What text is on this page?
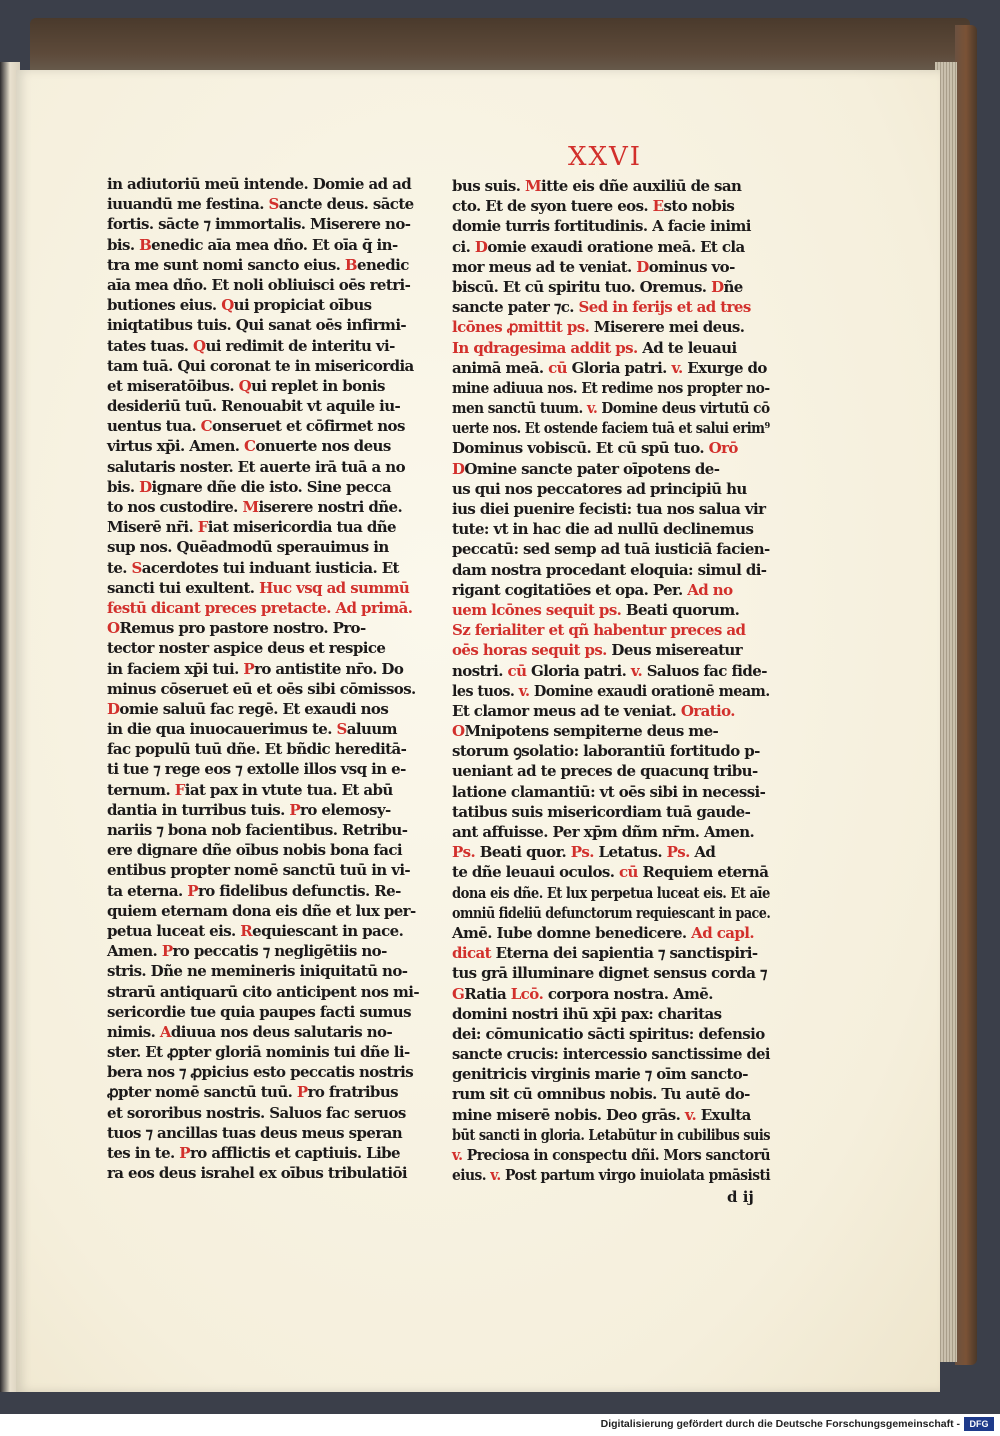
XXVI
in adiutoriū meū intende. Domie ad ad
iuuandū me festina. Sancte deus. sācte
fortis. sācte ⁊ immortalis. Miserere no-
bis. Benedic aīa mea dño. Et oīa q̄ in-
tra me sunt nomi sancto eius. Benedic
aīa mea dño. Et noli obliuisci oēs retri-
butiones eius. Qui propiciat oībus
iniqtatibus tuis. Qui sanat oēs infirmi-
tates tuas. Qui redimit de interitu vi-
tam tuā. Qui coronat te in misericordia
et miseratōibus. Qui replet in bonis
desideriū tuū. Renouabit vt aquile iu-
uentus tua. Conseruet et cōfirmet nos
virtus xp̄i. Amen. Conuerte nos deus
salutaris noster. Et auerte irā tuā a no
bis. Dignare dñe die isto. Sine pecca
to nos custodire. Miserere nostri dñe.
Miserē nr̄i. Fiat misericordia tua dñe
sup nos. Quēadmodū sperauimus in
te. Sacerdotes tui induant iusticia. Et
sancti tui exultent. Huc vsq ad summū
festū dicant preces pretacte. Ad primā.
ORemus pro pastore nostro. Pro-
tector noster aspice deus et respice
in faciem xp̄i tui. Pro antistite nr̄o. Do
minus cōseruet eū et oēs sibi cōmissos.
Domie saluū fac regē. Et exaudi nos
in die qua inuocauerimus te. Saluum
fac populū tuū dñe. Et bñdic hereditā-
ti tue ⁊ rege eos ⁊ extolle illos vsq in e-
ternum. Fiat pax in vtute tua. Et abū
dantia in turribus tuis. Pro elemosy-
nariis ⁊ bona nob facientibus. Retribu-
ere dignare dñe oībus nobis bona faci
entibus propter nomē sanctū tuū in vi-
ta eterna. Pro fidelibus defunctis. Re-
quiem eternam dona eis dñe et lux per-
petua luceat eis. Requiescant in pace.
Amen. Pro peccatis ⁊ negligētiis no-
stris. Dñe ne memineris iniquitatū no-
strarū antiquarū cito anticipent nos mi-
sericordie tue quia paupes facti sumus
nimis. Adiuua nos deus salutaris no-
ster. Et ꝓpter gloriā nominis tui dñe li-
bera nos ⁊ ꝓpicius esto peccatis nostris
ꝓpter nomē sanctū tuū. Pro fratribus
et sororibus nostris. Saluos fac seruos
tuos ⁊ ancillas tuas deus meus speran
tes in te. Pro afflictis et captiuis. Libe
ra eos deus israhel ex oībus tribulatiōi
bus suis. Mitte eis dñe auxiliū de san
cto. Et de syon tuere eos. Esto nobis
domie turris fortitudinis. A facie inimi
ci. Domie exaudi oratione meā. Et cla
mor meus ad te veniat. Dominus vo-
biscū. Et cū spiritu tuo. Oremus. Dñe
sancte pater ⁊c. Sed in ferijs et ad tres
lcōnes ꝓmittit ps. Miserere mei deus.
In qdragesima addit ps. Ad te leuaui
animā meā. cū Gloria patri. v. Exurge do
mine adiuua nos. Et redime nos propter no-
men sanctū tuum. v. Domine deus virtutū cō
uerte nos. Et ostende faciem tuā et salui erim⁹
Dominus vobiscū. Et cū spū tuo. Orō
DOmine sancte pater oīpotens de-
us qui nos peccatores ad principiū hu
ius diei puenire fecisti: tua nos salua vir
tute: vt in hac die ad nullū declinemus
peccatū: sed semp ad tuā iusticiā facien-
dam nostra procedant eloquia: simul di-
rigant cogitatiōes et opa. Per. Ad no
uem lcōnes sequit ps. Beati quorum.
Sz ferialiter et qñ habentur preces ad
oēs horas sequit ps. Deus misereatur
nostri. cū Gloria patri. v. Saluos fac fide-
les tuos. v. Domine exaudi orationē meam.
Et clamor meus ad te veniat. Oratio.
OMnipotens sempiterne deus me-
storum ꝯsolatio: laborantiū fortitudo p-
ueniant ad te preces de quacunq tribu-
latione clamantiū: vt oēs sibi in necessi-
tatibus suis misericordiam tuā gaude-
ant affuisse. Per xp̄m dñm nr̄m. Amen.
Ps. Beati quor. Ps. Letatus. Ps. Ad
te dñe leuaui oculos. cū Requiem eternā
dona eis dñe. Et lux perpetua luceat eis. Et aīe
omniū fideliū defunctorum requiescant in pace.
Amē. Iube domne benedicere. Ad capl.
dicat Eterna dei sapientia ⁊ sanctispiri-
tus grā illuminare dignet sensus corda ⁊
GRatia Lcō. corpora nostra. Amē.
domini nostri ihū xp̄i pax: charitas
dei: cōmunicatio sācti spiritus: defensio
sancte crucis: intercessio sanctissime dei
genitricis virginis marie ⁊ oīm sancto-
rum sit cū omnibus nobis. Tu autē do-
mine miserē nobis. Deo grās. v. Exulta
būt sancti in gloria. Letabūtur in cubilibus suis
v. Preciosa in conspectu dñi. Mors sanctorū
eius. v. Post partum virgo inuiolata pmāsisti
d ij
Digitalisierung gefördert durch die Deutsche Forschungsgemeinschaft -	DFG
